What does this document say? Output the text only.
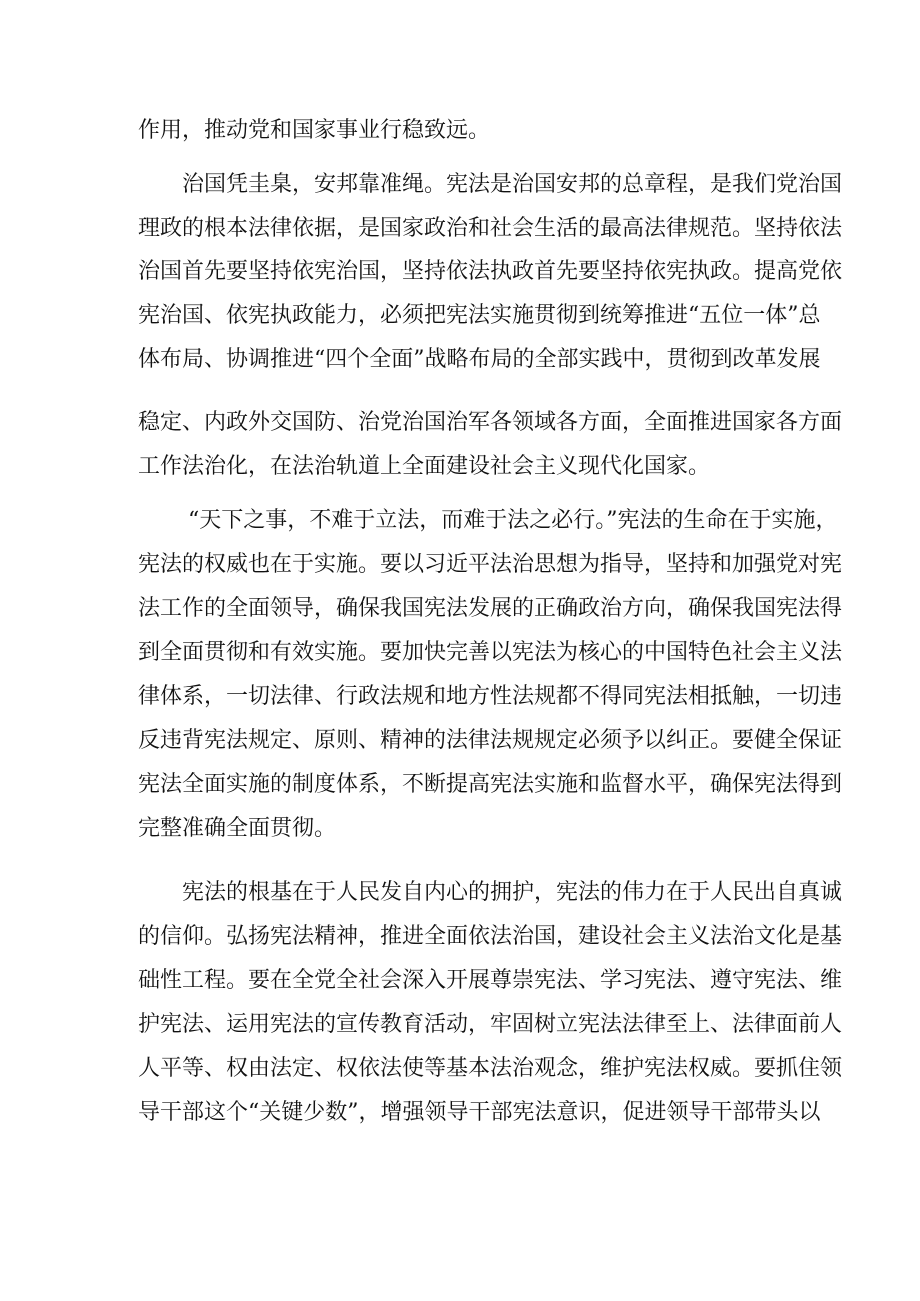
作用，推动党和国家事业行稳致远。

治国凭圭臬，安邦靠准绳。宪法是治国安邦的总章程，是我们党治国

理政的根本法律依据，是国家政治和社会生活的最高法律规范。坚持依法

治国首先要坚持依宪治国，坚持依法执政首先要坚持依宪执政。提高党依

宪治国、依宪执政能力，必须把宪法实施贯彻到统筹推进“五位一体”总

体布局、协调推进“四个全面”战略布局的全部实践中，贯彻到改革发展

稳定、内政外交国防、治党治国治军各领域各方面，全面推进国家各方面

工作法治化，在法治轨道上全面建设社会主义现代化国家。

“天下之事，不难于立法，而难于法之必行。”宪法的生命在于实施，

宪法的权威也在于实施。要以习近平法治思想为指导，坚持和加强党对宪

法工作的全面领导，确保我国宪法发展的正确政治方向，确保我国宪法得

到全面贯彻和有效实施。要加快完善以宪法为核心的中国特色社会主义法

律体系，一切法律、行政法规和地方性法规都不得同宪法相抵触，一切违

反违背宪法规定、原则、精神的法律法规规定必须予以纠正。要健全保证

宪法全面实施的制度体系，不断提高宪法实施和监督水平，确保宪法得到

完整准确全面贯彻。

宪法的根基在于人民发自内心的拥护，宪法的伟力在于人民出自真诚

的信仰。弘扬宪法精神，推进全面依法治国，建设社会主义法治文化是基

础性工程。要在全党全社会深入开展尊崇宪法、学习宪法、遵守宪法、维

护宪法、运用宪法的宣传教育活动，牢固树立宪法法律至上、法律面前人

人平等、权由法定、权依法使等基本法治观念，维护宪法权威。要抓住领

导干部这个“关键少数”，增强领导干部宪法意识，促进领导干部带头以
